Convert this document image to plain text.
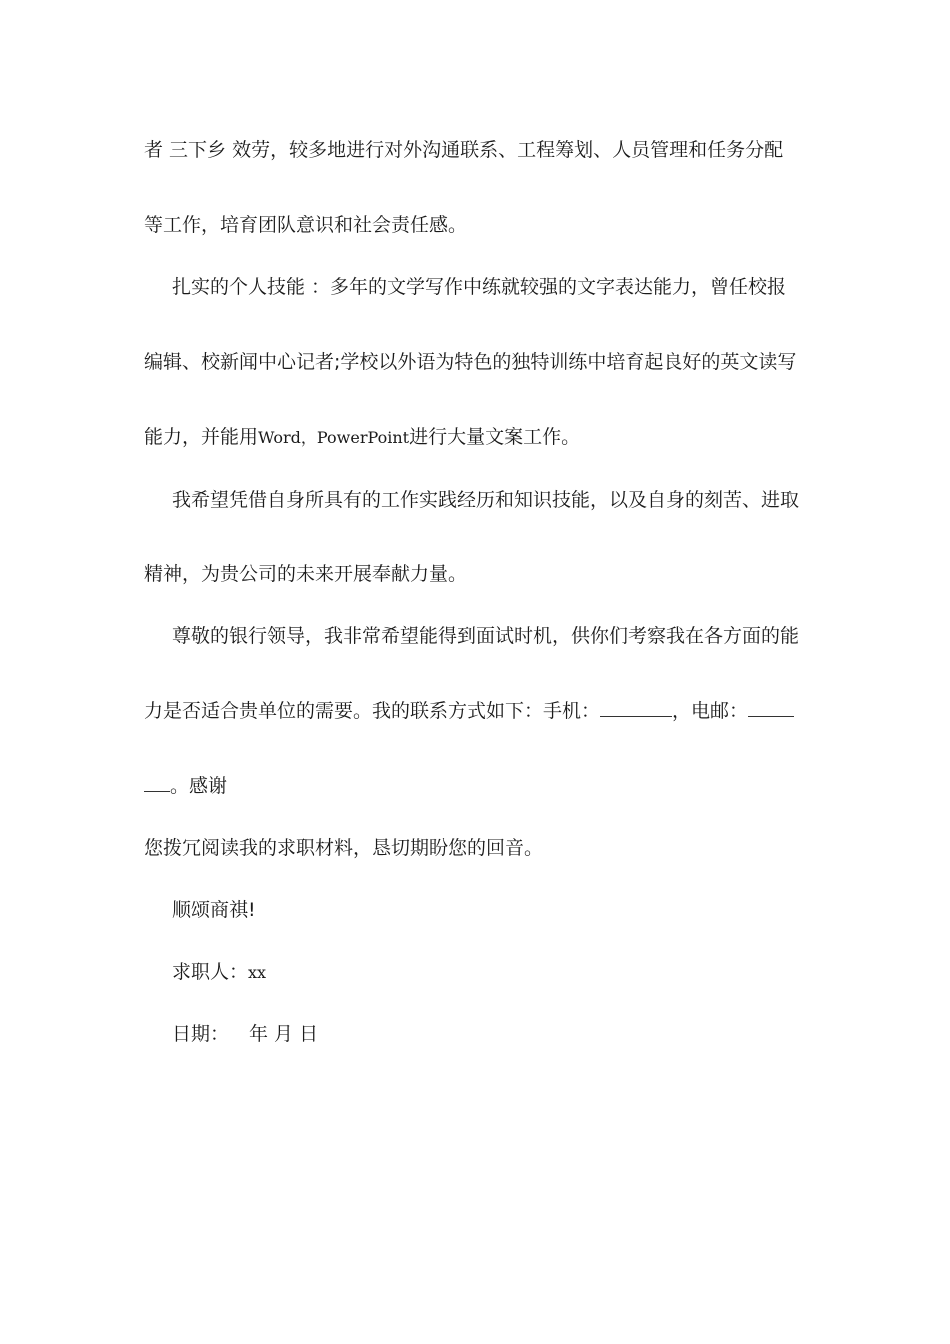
者 三下乡 效劳，较多地进行对外沟通联系、工程筹划、人员管理和任务分配
等工作，培育团队意识和社会责任感。
扎实的个人技能 ：多年的文学写作中练就较强的文字表达能力，曾任校报
编辑、校新闻中心记者;学校以外语为特色的独特训练中培育起良好的英文读写
能力，并能用Word，PowerPoint进行大量文案工作。
我希望凭借自身所具有的工作实践经历和知识技能，以及自身的刻苦、进取
精神，为贵公司的未来开展奉献力量。
尊敬的银行领导，我非常希望能得到面试时机，供你们考察我在各方面的能
力是否适合贵单位的需要。我的联系方式如下：手机：	，电邮：
。感谢
您拨冗阅读我的求职材料，恳切期盼您的回音。
顺颂商祺!
求职人：xx
日期： 年 月 日
